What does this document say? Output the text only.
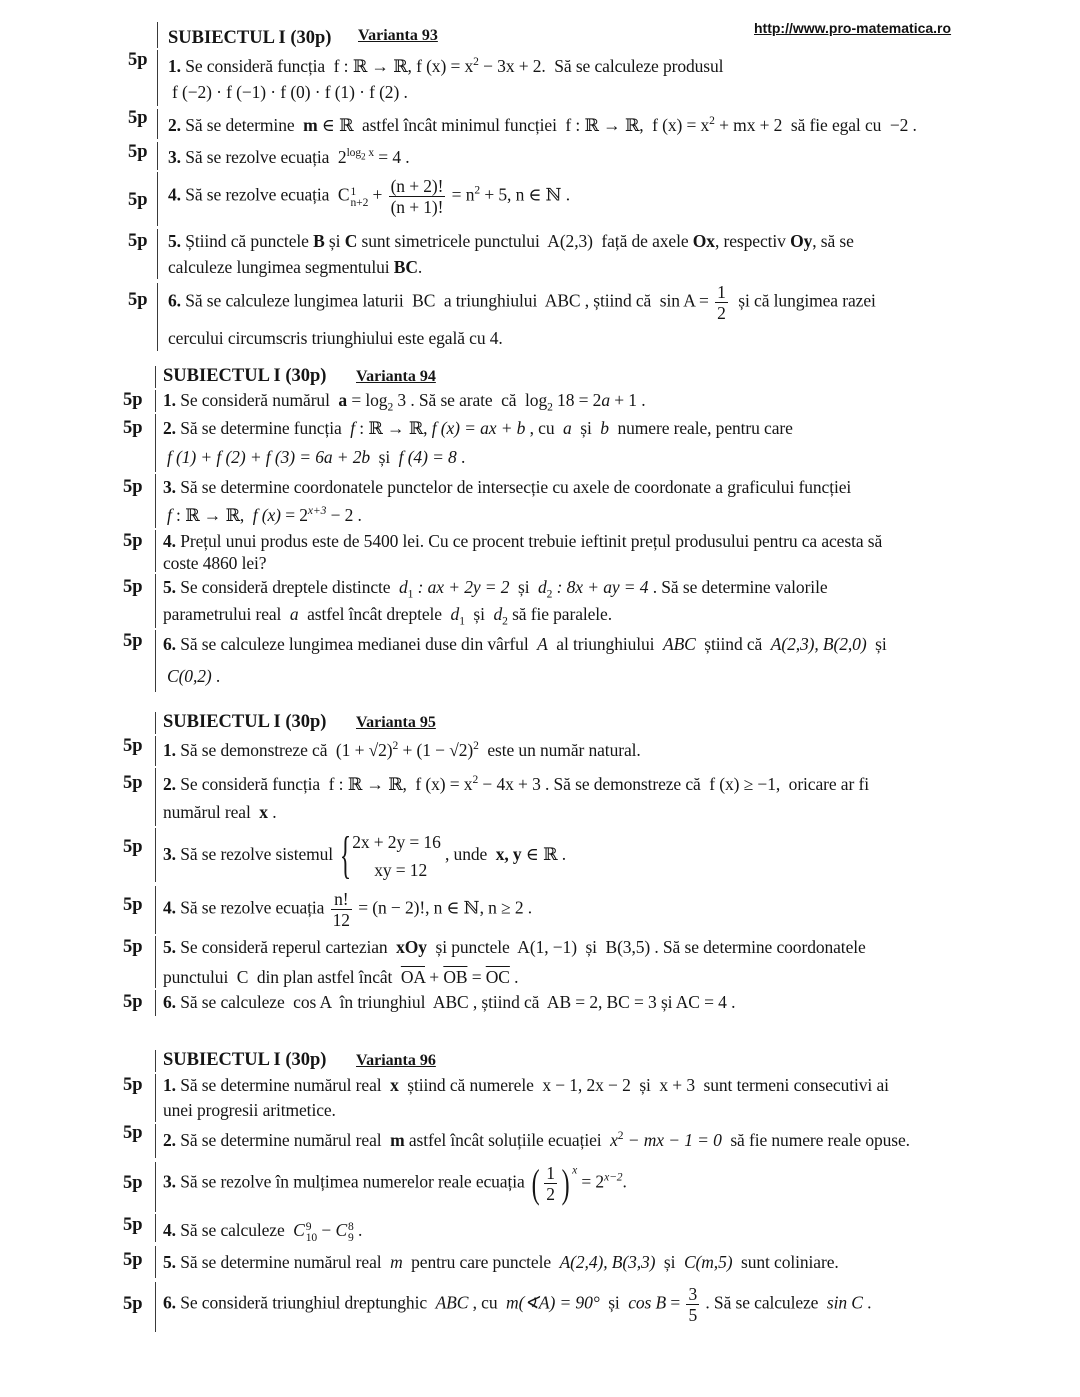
http://www.pro-matematica.ro
SUBIECTUL I (30p) Varianta 93
5p 1. Se consideră funcția  f : ℝ → ℝ, f $(x) = x^2 - 3x + 2$.  Să se calculeze produsul
f (−2) · f (−1) · f (0) · f (1) · f (2) .
5p 2. Să se determine  m ∈ ℝ  astfel încât minimul funcției  f : ℝ → ℝ,  f $(x) = x^2$ + mx + 2  să fie egal cu  −2 .
5p 3. Să se rezolve ecuația  $2^{log_2 x} = 4$ .
5p 4. Să se rezolve ecuația  C 1
$n+2 + \frac{(n + 2)!}{(n + 1)!} = n^2 + 5$, n ∈ ℕ .
5p 5. Știind că punctele B și C sunt simetricele punctului  A(2,3)  față de axele Ox, respectiv Oy, să se
calculeze lungimea segmentului BC.
5p 6. Să se calculeze lungimea laturii  BC  a triunghiului  ABC , știind că  $\sin A = \frac{1}{2}$ și că lungimea razei
cercului circumscris triunghiului este egală cu 4.
SUBIECTUL I (30p) Varianta 94
5p 1. Se consideră numărul  $a = \log_2 3$ . Să se arate  că  $\log_2 18 = 2a + 1$ .
5p 2. Să se determine funcția  f : ℝ → ℝ, f (x) = ax + b , cu  a  și  b  numere reale, pentru care
f (1) + f (2) + f (3) = 6a + 2b  și  f (4) = 8 .
5p 3. Să se determine coordonatele punctelor de intersecție cu axele de coordonate a graficului funcției
f : ℝ → ℝ,  f $(x) = 2^{x+3} - 2$ .
5p 4. Prețul unui produs este de 5400 lei. Cu ce procent trebuie ieftinit prețul produsului pentru ca acesta să
coste 4860 lei?
5p 5. Se consideră dreptele distincte  $d_1$ : ax + 2y = 2  și  $d_2$ : 8x + ay = 4 . Să se determine valorile
parametrului real  a  astfel încât dreptele  $d_1$  și  $d_2$ să fie paralele.
5p 6. Să se calculeze lungimea medianei duse din vârful  A  al triunghiului  ABC  știind că  A(2,3), B(2,0)  și
C(0,2) .
SUBIECTUL I (30p) Varianta 95
5p 1. Să se demonstreze că  $(1 + √2)^2 + (1 - √2)^2$  este un număr natural.
5p 2. Se consideră funcția  f : ℝ → ℝ,  f $(x) = x^2 - 4x + 3$ . Să se demonstreze că  f (x) ≥ −1,  oricare ar fi
numărul real  x .
5p 3. Să se rezolve sistemul { 2x + 2y = 16
xy = 12
, unde  x, y ∈ ℝ .
5p 4. Să se rezolve ecuația $\frac{n!}{12} = (n - 2)$!, n ∈ ℕ, n ≥ 2 .
5p 5. Se consideră reperul cartezian  xOy  și punctele  A(1, −1)  și  B(3,5) . Să se determine coordonatele
punctului  C  din plan astfel încât  $\overline{OA} + \overline{OB} = \overline{OC}$ .
5p 6. Să se calculeze  cos A  în triunghiul  ABC , știind că  AB = 2, BC = 3 și AC = 4 .
SUBIECTUL I (30p) Varianta 96
5p 1. Să se determine numărul real  x  știind că numerele  x − 1, 2x − 2  și  x + 3  sunt termeni consecutivi ai
unei progresii aritmetice.
5p 2. Să se determine numărul real  m astfel încât soluțiile ecuației  $x^2$ − mx − 1 = 0  să fie numere reale opuse.
5p 3. Să se rezolve în mulțimea numerelor reale ecuația ( $\frac{1}{2}$ ) $^x = 2^{x-2}$.
5p 4. Să se calculeze  C 9
10 − C 8
9 .
5p 5. Să se determine numărul real  m  pentru care punctele  A(2,4), B(3,3)  și  C(m,5)  sunt coliniare.
5p 6. Se consideră triunghiul dreptunghic  ABC , cu  m(∢A) = 90°  și  $\cos B = \frac{3}{5}$ . Să se calculeze  sin C .
